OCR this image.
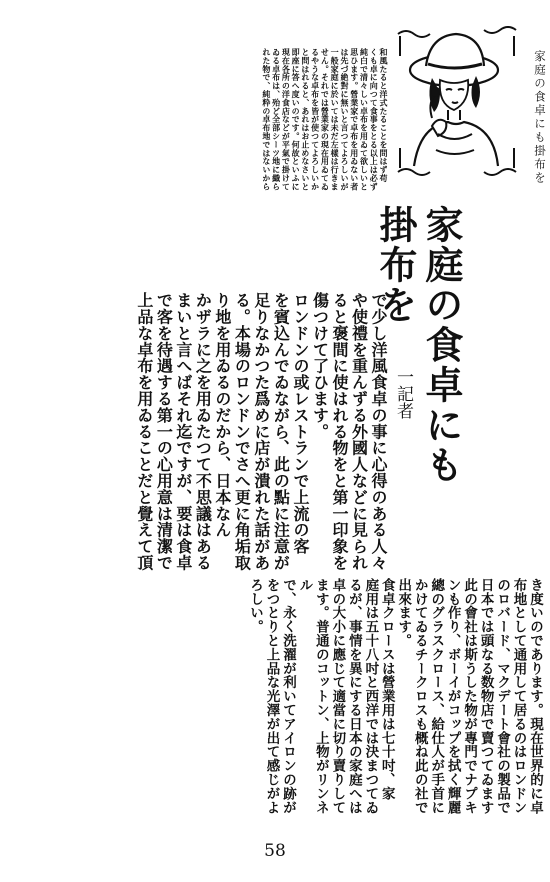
家庭の食卓にも掛布を
家庭の食卓にも掛布を
一記者
和風たると洋式たることを問はず苟
くも卓に向つて食事をとる以上は必ず
純白で清々しい卓布を用ゐて欲しいと
思ひます。營業家で卓布を用ゐない者
は先づ絶對に無いと言つてよろしいが
一般家庭に於いては未だ左樣は行きま
せん。それでは營業家の現在用ゐてゐ
るやうな卓布を皆が使つてよろしいか
と問はれると、あれはお止めなさいと
即座に答へ度いのです。何故といふに
現在各所の洋食店などが平氣で掛けて
ゐる卓布は、殆ど全部シーツ地に織ら
れた物で、純粋の卓布地ではないから
で少し洋風食卓の事に心得のある人々
や使禮を重んずる外國人などに見られ
ると褒間に使はれる物をと第一印象を
傷つけて了ひます。
ロンドンの或レストランで上流の客
を賓込んでゐながら、此の點に注意が
足りなかつた爲めに店が潰れた話があ
る。本場のロンドンでさへ更に角垢取
り地を用ゐるのだから、日本なん
かザラに之を用ゐたつて不思議はある
まいと言へばそれ迄ですが、要は食卓
で客を待遇する第一の心用意は清潔で
上品な卓布を用ゐることだと覺えて頂
き度いのであります。現在世界的に卓
布地として通用して居るのはロンドン
のロバード、マクデート會社の製品で
日本では頭なる数物店で賣つてゐます
此の會社は斯うした物が專門でナプキ
ンも作り、ボーイがコップを拭く輝麗
總のグラスクロース、給仕人が手首に
かけてゐるチークロスも概ね此の社で
出來ます。
食卓クロースは營業用は七十吋、家
庭用は五十八吋と西洋では決まつてゐ
るが、事情を異にする日本の家庭へは
卓の大小に應じて適當に切り賣りして
ます。普通のコットン、上物がリンネル
で、永く洗濯が利いてアイロンの跡が
をつとりと上品な光澤が出て感じがよ
ろしい。
58
